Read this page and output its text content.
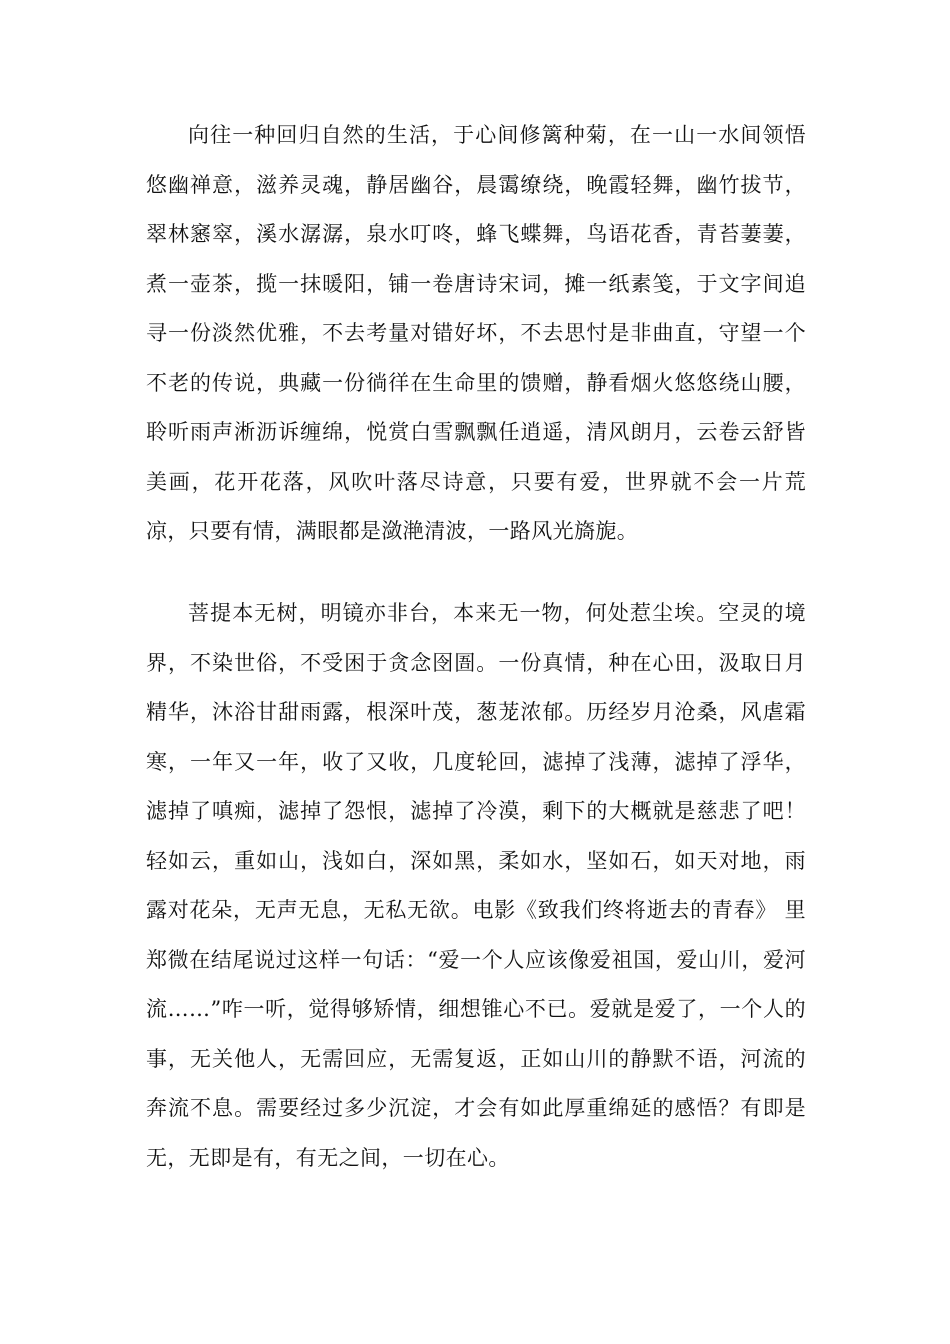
向往一种回归自然的生活，于心间修篱种菊，在一山一水间领悟悠幽禅意，滋养灵魂，静居幽谷，晨霭缭绕，晚霞轻舞，幽竹拔节，翠林窸窣，溪水潺潺，泉水叮咚，蜂飞蝶舞，鸟语花香，青苔萋萋，煮一壶茶，揽一抹暖阳，铺一卷唐诗宋词，摊一纸素笺，于文字间追寻一份淡然优雅，不去考量对错好坏，不去思忖是非曲直，守望一个不老的传说，典藏一份徜徉在生命里的馈赠，静看烟火悠悠绕山腰，聆听雨声淅沥诉缠绵，悦赏白雪飘飘任逍遥，清风朗月，云卷云舒皆美画，花开花落，风吹叶落尽诗意，只要有爱，世界就不会一片荒凉，只要有情，满眼都是潋滟清波，一路风光旖旎。

菩提本无树，明镜亦非台，本来无一物，何处惹尘埃。空灵的境界，不染世俗，不受困于贪念囹圄。一份真情，种在心田，汲取日月精华，沐浴甘甜雨露，根深叶茂，葱茏浓郁。历经岁月沧桑，风虐霜寒，一年又一年，收了又收，几度轮回，滤掉了浅薄，滤掉了浮华，滤掉了嗔痴，滤掉了怨恨，滤掉了冷漠，剩下的大概就是慈悲了吧！轻如云，重如山，浅如白，深如黑，柔如水，坚如石，如天对地，雨露对花朵，无声无息，无私无欲。电影《致我们终将逝去的青春》 里郑微在结尾说过这样一句话：“爱一个人应该像爱祖国，爱山川，爱河流……”咋一听，觉得够矫情，细想锥心不已。爱就是爱了，一个人的事，无关他人，无需回应，无需复返，正如山川的静默不语，河流的奔流不息。需要经过多少沉淀，才会有如此厚重绵延的感悟？有即是无，无即是有，有无之间，一切在心。
